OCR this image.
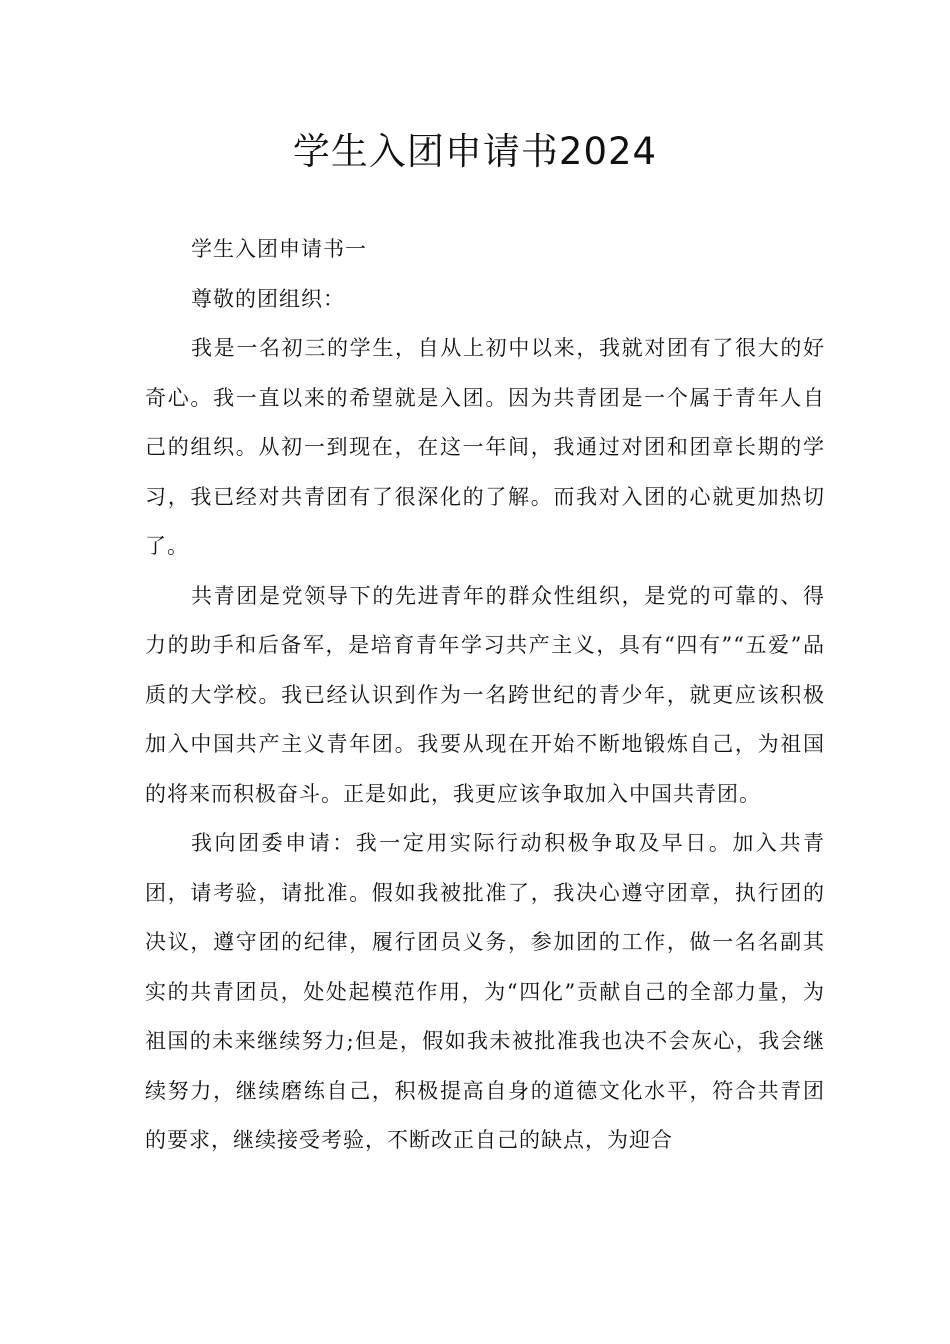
学生入团申请书2024

学生入团申请书一

尊敬的团组织：

我是一名初三的学生，自从上初中以来，我就对团有了很大的好奇心。我一直以来的希望就是入团。因为共青团是一个属于青年人自己的组织。从初一到现在，在这一年间，我通过对团和团章长期的学习，我已经对共青团有了很深化的了解。而我对入团的心就更加热切了。

共青团是党领导下的先进青年的群众性组织，是党的可靠的、得力的助手和后备军，是培育青年学习共产主义，具有“四有”“五爱”品质的大学校。我已经认识到作为一名跨世纪的青少年，就更应该积极加入中国共产主义青年团。我要从现在开始不断地锻炼自己，为祖国的将来而积极奋斗。正是如此，我更应该争取加入中国共青团。

我向团委申请：我一定用实际行动积极争取及早日。加入共青团，请考验，请批准。假如我被批准了，我决心遵守团章，执行团的决议，遵守团的纪律，履行团员义务，参加团的工作，做一名名副其实的共青团员，处处起模范作用，为“四化”贡献自己的全部力量，为祖国的未来继续努力;但是，假如我未被批准我也决不会灰心，我会继续努力，继续磨练自己，积极提高自身的道德文化水平，符合共青团的要求，继续接受考验，不断改正自己的缺点，为迎合
